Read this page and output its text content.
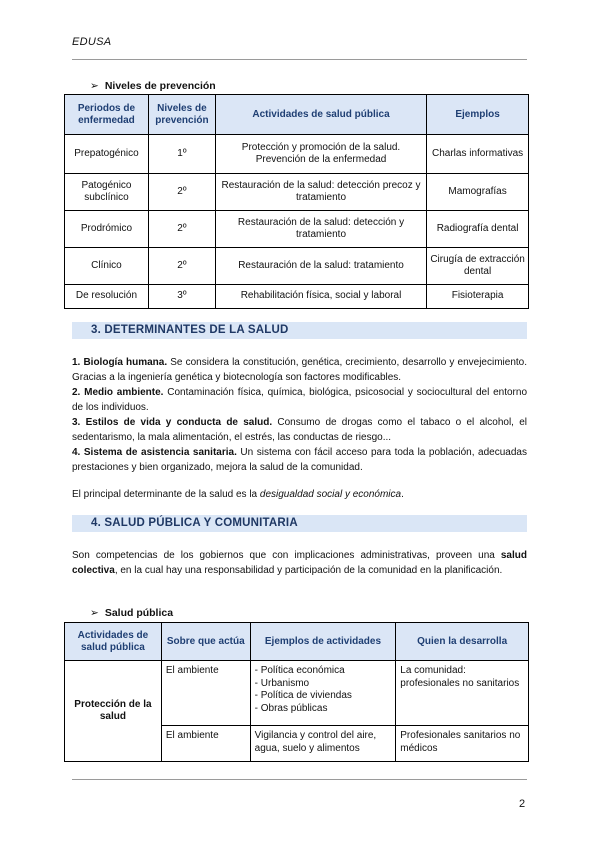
EDUSA
➢ Niveles de prevención
Periodos de enfermedad	Niveles de prevención	Actividades de salud pública	Ejemplos
Prepatogénico	1º	Protección y promoción de la salud. Prevención de la enfermedad	Charlas informativas
Patogénico subclínico	2º	Restauración de la salud: detección precoz y tratamiento	Mamografías
Prodrómico	2º	Restauración de la salud: detección y tratamiento	Radiografía dental
Clínico	2º	Restauración de la salud: tratamiento	Cirugía de extracción dental
De resolución	3º	Rehabilitación física, social y laboral	Fisioterapia
3. DETERMINANTES DE LA SALUD

1. Biología humana. Se considera la constitución, genética, crecimiento, desarrollo y envejecimiento. Gracias a la ingeniería genética y biotecnología son factores modificables.

2. Medio ambiente. Contaminación física, química, biológica, psicosocial y sociocultural del entorno de los individuos.

3. Estilos de vida y conducta de salud. Consumo de drogas como el tabaco o el alcohol, el sedentarismo, la mala alimentación, el estrés, las conductas de riesgo...

4. Sistema de asistencia sanitaria. Un sistema con fácil acceso para toda la población, adecuadas prestaciones y bien organizado, mejora la salud de la comunidad.

El principal determinante de la salud es la desigualdad social y económica.
4. SALUD PÚBLICA Y COMUNITARIA
Son competencias de los gobiernos que con implicaciones administrativas, proveen una salud colectiva, en la cual hay una responsabilidad y participación de la comunidad en la planificación.
➢ Salud pública
Actividades de salud pública	Sobre que actúa	Ejemplos de actividades	Quien la desarrolla
Protección de la salud	El ambiente	- Política económica
- Urbanismo
- Política de viviendas
- Obras públicas	La comunidad: profesionales no sanitarios
	El ambiente	Vigilancia y control del aire, agua, suelo y alimentos	Profesionales sanitarios no médicos
2
